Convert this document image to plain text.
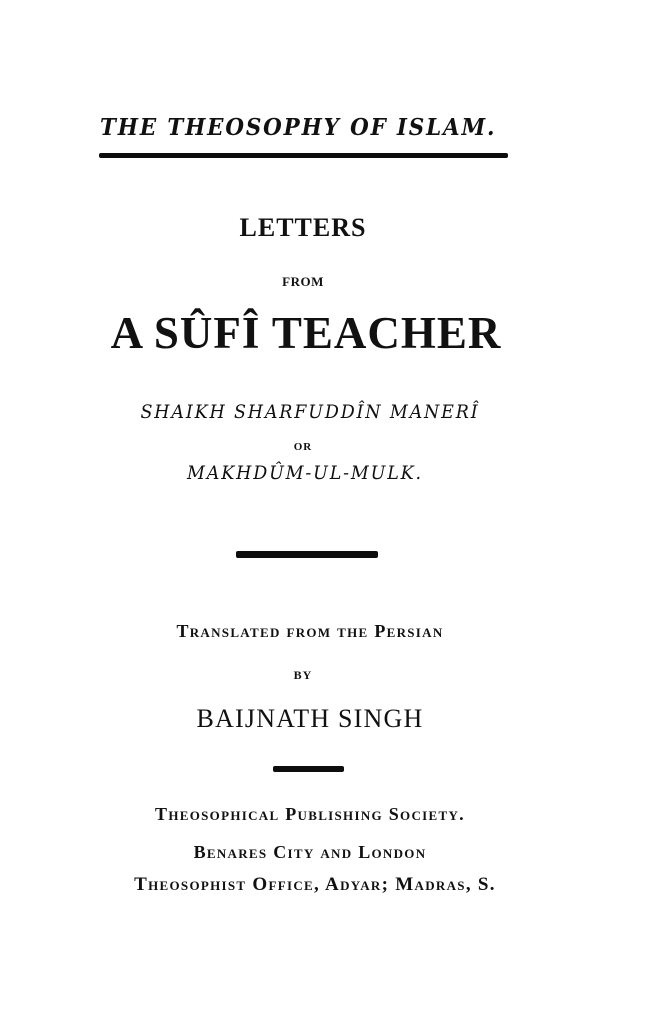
THE THEOSOPHY OF ISLAM.
LETTERS
FROM
A SÛFÎ TEACHER
SHAIKH SHARFUDDÎN MANERÎ
OR
MAKHDÛM-UL-MULK.
Translated from the Persian
BY
BAIJNATH SINGH
Theosophical Publishing Society.
Benares City and London
Theosophist Office, Adyar; Madras, S.
